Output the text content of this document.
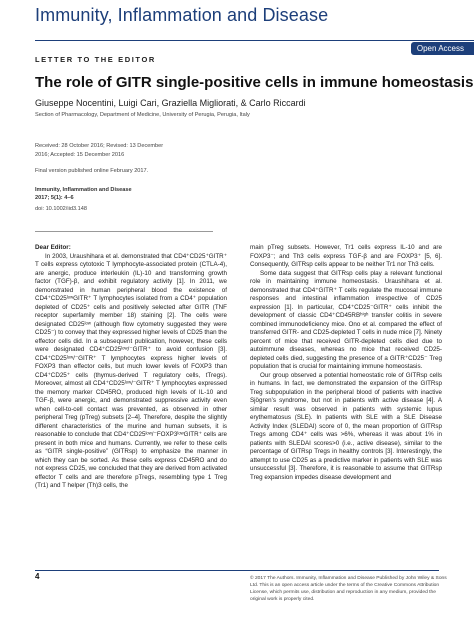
Immunity, Inflammation and Disease
Open Access
LETTER TO THE EDITOR
The role of GITR single-positive cells in immune homeostasis
Giuseppe Nocentini, Luigi Cari, Graziella Migliorati, & Carlo Riccardi
Section of Pharmacology, Department of Medicine, University of Perugia, Perugia, Italy
Received: 28 October 2016; Revised: 13 December 2016; Accepted: 15 December 2016
Final version published online February 2017.
Immunity, Inflammation and Disease
2017; 5(1): 4–6
doi: 10.1002/iid3.148

Dear Editor:

In 2003, Uraushihara et al. demonstrated that CD4⁺CD25⁺GITR⁺ T cells express cytotoxic T lymphocyte-associated protein (CTLA-4), are anergic, produce interleukin (IL)-10 and transforming growth factor (TGF)-β, and exhibit regulatory activity [1]. In 2011, we demonstrated in human peripheral blood the existence of CD4⁺CD25ˡᵒʷGITR⁺ T lymphocytes isolated from a CD4⁺ population depleted of CD25⁺ cells and positively selected after GITR (TNF receptor superfamily member 18) staining [2]. The cells were designated CD25ˡᵒʷ (although flow cytometry suggested they were CD25⁻) to convey that they expressed higher levels of CD25 than the effector cells did. In a subsequent publication, however, these cells were designated CD4⁺CD25ˡᵒʷ/⁻GITR⁺ to avoid confusion [3]. CD4⁺CD25ˡᵒʷ/⁻GITR⁺ T lymphocytes express higher levels of FOXP3 than effector cells, but much lower levels of FOXP3 than CD4⁺CD25⁺ cells (thymus-derived T regulatory cells, tTregs). Moreover, almost all CD4⁺CD25ˡᵒʷ/⁻GITR⁺ T lymphocytes expressed the memory marker CD45RO, produced high levels of IL-10 and TGF-β, were anergic, and demonstrated suppressive activity even when cell-to-cell contact was prevented, as observed in other peripheral Treg (pTreg) subsets [2–4]. Therefore, despite the slightly different characteristics of the murine and human subsets, it is reasonable to conclude that CD4⁺CD25ˡᵒʷ/⁻FOXP3ˡᵒʷGITR⁺ cells are present in both mice and humans. Currently, we refer to these cells as “GITR single-positive” (GITRsp) to emphasize the manner in which they can be sorted. As these cells express CD45RO and do not express CD25, we concluded that they are derived from activated effector T cells and are therefore pTregs, resembling type 1 Treg (Tr1) and T helper (Th)3 cells, the

main pTreg subsets. However, Tr1 cells express IL-10 and are FOXP3⁻; and Th3 cells express TGF-β and are FOXP3⁺ [5, 6]. Consequently, GITRsp cells appear to be neither Tr1 nor Th3 cells.

Some data suggest that GITRsp cells play a relevant functional role in maintaining immune homeostasis. Uraushihara et al. demonstrated that CD4⁺GITR⁺ T cells regulate the mucosal immune responses and intestinal inflammation irrespective of CD25 expression [1]. In particular, CD4⁺CD25⁻GITR⁺ cells inhibit the development of classic CD4⁺CD45RBʰⁱᵍʰ transfer colitis in severe combined immunodeficiency mice. Ono et al. compared the effect of transferred GITR- and CD25-depleted T cells in nude mice [7]. Ninety percent of mice that received GITR-depleted cells died due to autoimmune diseases, whereas no mice that received CD25-depleted cells died, suggesting the presence of a GITR⁺CD25⁻ Treg population that is crucial for maintaining immune homeostasis.

Our group observed a potential homeostatic role of GITRsp cells in humans. In fact, we demonstrated the expansion of the GITRsp Treg subpopulation in the peripheral blood of patients with inactive Sjögren’s syndrome, but not in patients with active disease [4]. A similar result was observed in patients with systemic lupus erythematosus (SLE). In patients with SLE with a SLE Disease Activity Index (SLEDAI) score of 0, the mean proportion of GITRsp Tregs among CD4⁺ cells was >6%, whereas it was about 1% in patients with SLEDAI scores>0 (i.e., active disease), similar to the percentage of GITRsp Tregs in healthy controls [3]. Interestingly, the attempt to use CD25 as a predictive marker in patients with SLE was unsuccessful [3]. Therefore, it is reasonable to assume that GITRsp Treg expansion impedes disease development and

4	© 2017 The Authors. Immunity, Inflammation and Disease Published by John Wiley & Sons Ltd. This is an open access article under the terms of the Creative Commons Attribution License, which permits use, distribution and reproduction in any medium, provided the original work is properly cited.
